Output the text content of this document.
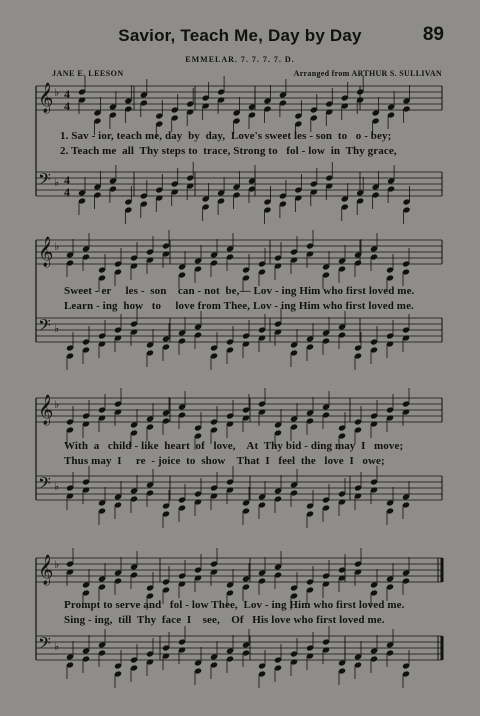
Savior, Teach Me, Day by Day	89
EMMELAR. 7. 7. 7. 7. D.
JANE E. LEESON	Arranged from ARTHUR S. SULLIVAN
𝄞 ♭ 4
4
𝄢 ♭ 4
4
𝄞 ♭
𝄢 ♭
𝄞 ♭
𝄢 ♭
𝄞 ♭
𝄢 ♭
1. Sav - ior, teach me, day  by  day,  Love's sweet les - son  to   o - bey;
2. Teach me  all  Thy steps to  trace, Strong to   fol - low  in  Thy grace,
Sweet - er     les -  son    can - not  be,— Lov - ing Him who first loved me.
Learn - ing  how   to     love from Thee, Lov - ing Him who first loved me.
With  a   child - like  heart  of   love,    At  Thy bid - ding may  I   move;
Thus may  I     re  - joice  to  show    That  I   feel  the   love  I   owe;
Prompt to serve and   fol - low Thee,  Lov - ing Him who first loved me.
Sing - ing,  till  Thy  face  I    see,    Of   His love who first loved me.
